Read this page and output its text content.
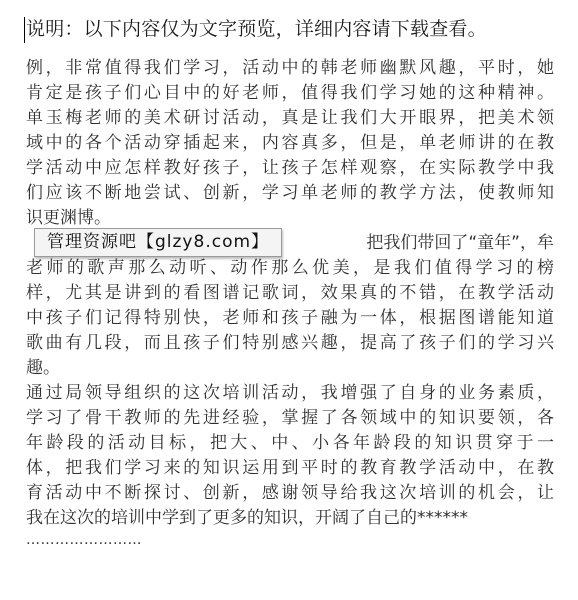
说明：以下内容仅为文字预览，详细内容请下载查看。
例，非常值得我们学习，活动中的韩老师幽默风趣，平时，她
肯定是孩子们心目中的好老师，值得我们学习她的这种精神。
单玉梅老师的美术研讨活动，真是让我们大开眼界，把美术领
域中的各个活动穿插起来，内容真多，但是，单老师讲的在教
学活动中应怎样教好孩子，让孩子怎样观察，在实际教学中我
们应该不断地尝试、创新，学习单老师的教学方法，使教师知
识更渊博。
把我们带回了“童年”，牟
老师的歌声那么动听、动作那么优美，是我们值得学习的榜
样，尤其是讲到的看图谱记歌词，效果真的不错，在教学活动
中孩子们记得特别快，老师和孩子融为一体，根据图谱能知道
歌曲有几段，而且孩子们特别感兴趣，提高了孩子们的学习兴
趣。
通过局领导组织的这次培训活动，我增强了自身的业务素质，
学习了骨干教师的先进经验，掌握了各领域中的知识要领，各
年龄段的活动目标，把大、中、小各年龄段的知识贯穿于一
体，把我们学习来的知识运用到平时的教育教学活动中，在教
育活动中不断探讨、创新，感谢领导给我这次培训的机会，让
我在这次的培训中学到了更多的知识，开阔了自己的******
……………………
管理资源吧【glzy8.com】
